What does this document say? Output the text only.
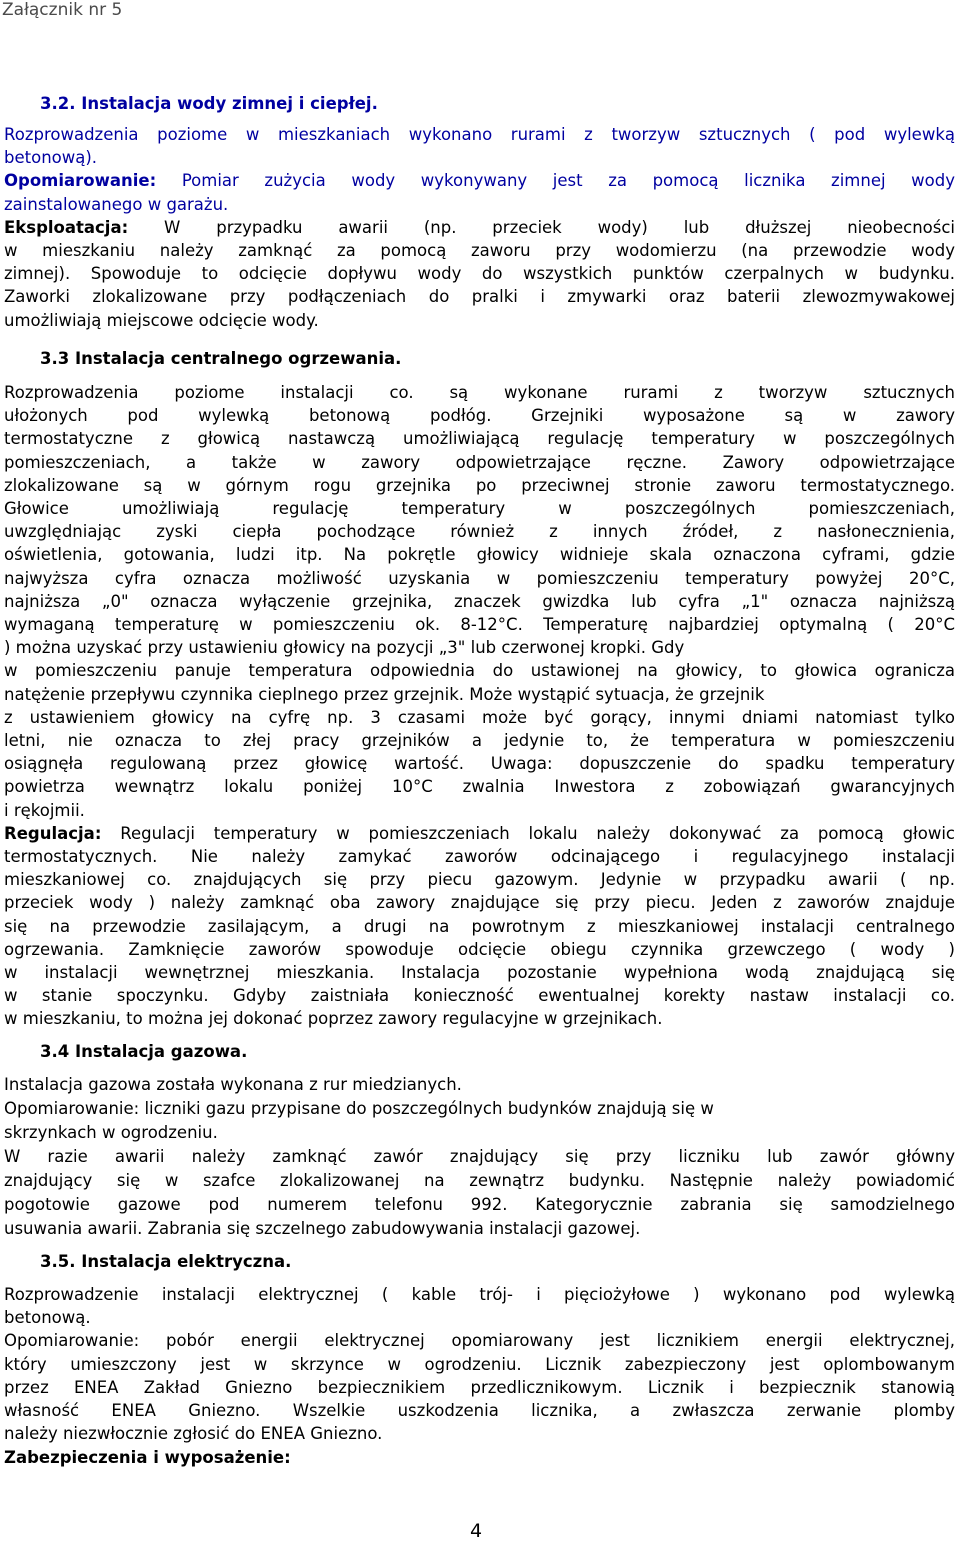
Załącznik nr 5
3.2. Instalacja wody zimnej i ciepłej.
Rozprowadzenia poziome w mieszkaniach wykonano rurami z tworzyw sztucznych ( pod wylewką
betonową).
Opomiarowanie: Pomiar zużycia wody wykonywany jest za pomocą licznika zimnej wody
zainstalowanego w garażu.
Eksploatacja: W przypadku awarii (np. przeciek wody) lub dłuższej nieobecności
w mieszkaniu należy zamknąć za pomocą zaworu przy wodomierzu (na przewodzie wody
zimnej). Spowoduje to odcięcie dopływu wody do wszystkich punktów czerpalnych w budynku.
Zaworki zlokalizowane przy podłączeniach do pralki i zmywarki oraz baterii zlewozmywakowej
umożliwiają miejscowe odcięcie wody.
3.3 Instalacja centralnego ogrzewania.
Rozprowadzenia poziome instalacji co. są wykonane rurami z tworzyw sztucznych
ułożonych pod wylewką betonową podłóg. Grzejniki wyposażone są w zawory
termostatyczne z głowicą nastawczą umożliwiającą regulację temperatury w poszczególnych
pomieszczeniach, a także w zawory odpowietrzające ręczne. Zawory odpowietrzające
zlokalizowane są w górnym rogu grzejnika po przeciwnej stronie zaworu termostatycznego.
Głowice umożliwiają regulację temperatury w poszczególnych pomieszczeniach,
uwzględniając zyski ciepła pochodzące również z innych źródeł, z nasłonecznienia,
oświetlenia, gotowania, ludzi itp. Na pokrętle głowicy widnieje skala oznaczona cyframi, gdzie
najwyższa cyfra oznacza możliwość uzyskania w pomieszczeniu temperatury powyżej 20°C,
najniższa „0" oznacza wyłączenie grzejnika, znaczek gwizdka lub cyfra „1" oznacza najniższą
wymaganą temperaturę w pomieszczeniu ok. 8-12°C. Temperaturę najbardziej optymalną ( 20°C
) można uzyskać przy ustawieniu głowicy na pozycji „3" lub czerwonej kropki. Gdy
w pomieszczeniu panuje temperatura odpowiednia do ustawionej na głowicy, to głowica ogranicza
natężenie przepływu czynnika cieplnego przez grzejnik. Może wystąpić sytuacja, że grzejnik
z ustawieniem głowicy na cyfrę np. 3 czasami może być gorący, innymi dniami natomiast tylko
letni, nie oznacza to złej pracy grzejników a jedynie to, że temperatura w pomieszczeniu
osiągnęła regulowaną przez głowicę wartość. Uwaga: dopuszczenie do spadku temperatury
powietrza wewnątrz lokalu poniżej 10°C zwalnia Inwestora z zobowiązań gwarancyjnych
i rękojmii.
Regulacja: Regulacji temperatury w pomieszczeniach lokalu należy dokonywać za pomocą głowic
termostatycznych. Nie należy zamykać zaworów odcinającego i regulacyjnego instalacji
mieszkaniowej co. znajdujących się przy piecu gazowym. Jedynie w przypadku awarii ( np.
przeciek wody ) należy zamknąć oba zawory znajdujące się przy piecu. Jeden z zaworów znajduje
się na przewodzie zasilającym, a drugi na powrotnym z mieszkaniowej instalacji centralnego
ogrzewania. Zamknięcie zaworów spowoduje odcięcie obiegu czynnika grzewczego ( wody )
w instalacji wewnętrznej mieszkania. Instalacja pozostanie wypełniona wodą znajdującą się
w stanie spoczynku. Gdyby zaistniała konieczność ewentualnej korekty nastaw instalacji co.
w mieszkaniu, to można jej dokonać poprzez zawory regulacyjne w grzejnikach.
3.4 Instalacja gazowa.
Instalacja gazowa została wykonana z rur miedzianych.
Opomiarowanie: liczniki gazu przypisane do poszczególnych budynków znajdują się w
skrzynkach w ogrodzeniu.
W razie awarii należy zamknąć zawór znajdujący się przy liczniku lub zawór główny
znajdujący się w szafce zlokalizowanej na zewnątrz budynku. Następnie należy powiadomić
pogotowie gazowe pod numerem telefonu 992. Kategorycznie zabrania się samodzielnego
usuwania awarii. Zabrania się szczelnego zabudowywania instalacji gazowej.
3.5. Instalacja elektryczna.
Rozprowadzenie instalacji elektrycznej ( kable trój- i pięciożyłowe ) wykonano pod wylewką
betonową.
Opomiarowanie: pobór energii elektrycznej opomiarowany jest licznikiem energii elektrycznej,
który umieszczony jest w skrzynce w ogrodzeniu. Licznik zabezpieczony jest oplombowanym
przez ENEA Zakład Gniezno bezpiecznikiem przedlicznikowym. Licznik i bezpiecznik stanowią
własność ENEA Gniezno. Wszelkie uszkodzenia licznika, a zwłaszcza zerwanie plomby
należy niezwłocznie zgłosić do ENEA Gniezno.
Zabezpieczenia i wyposażenie:
4
